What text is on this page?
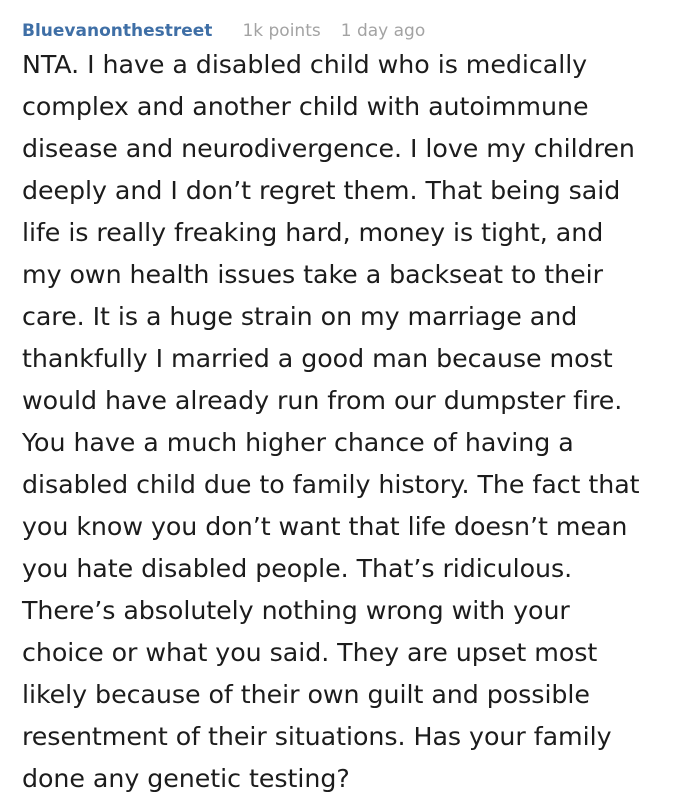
Bluevanonthestreet 1k points 1 day ago
NTA. I have a disabled child who is medically
complex and another child with autoimmune
disease and neurodivergence. I love my children
deeply and I don’t regret them. That being said
life is really freaking hard, money is tight, and
my own health issues take a backseat to their
care. It is a huge strain on my marriage and
thankfully I married a good man because most
would have already run from our dumpster fire.
You have a much higher chance of having a
disabled child due to family history. The fact that
you know you don’t want that life doesn’t mean
you hate disabled people. That’s ridiculous.
There’s absolutely nothing wrong with your
choice or what you said. They are upset most
likely because of their own guilt and possible
resentment of their situations. Has your family
done any genetic testing?
